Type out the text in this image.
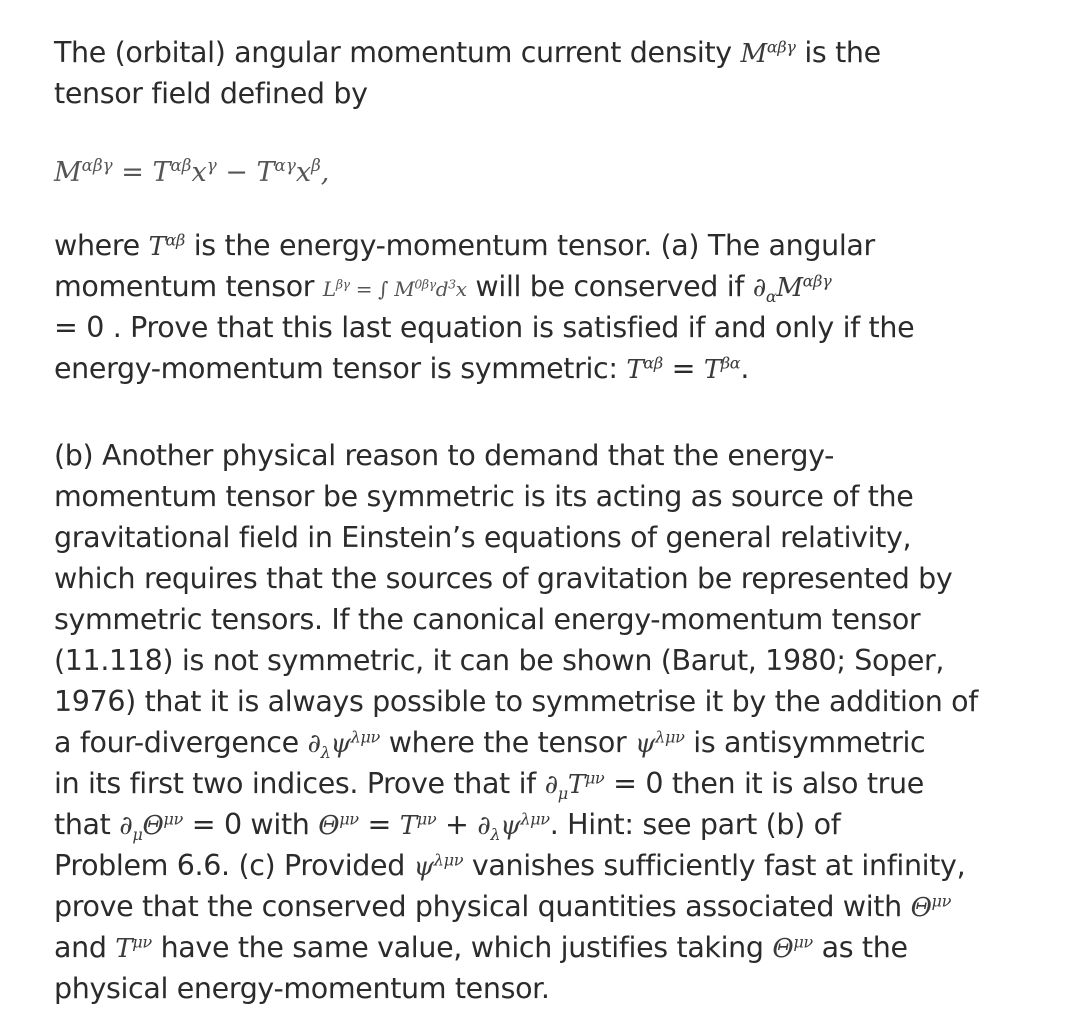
The (orbital) angular momentum current density $M^{\alpha\beta\gamma}$ is the
tensor field defined by
$M^{\alpha\beta\gamma} = T^{\alpha\beta}x^\gamma - T^{\alpha\gamma}x^\beta$,
where $T^{\alpha\beta}$ is the energy-momentum tensor. (a) The angular
momentum tensor $L^{\beta\gamma}$ = ∫ $M^{0\beta\gamma}d^3x$ will be conserved if $\partial_\alpha M^{\alpha\beta\gamma}$
= 0 . Prove that this last equation is satisfied if and only if the
energy-momentum tensor is symmetric: $T^{\alpha\beta} = T^{\beta\alpha}$.
(b) Another physical reason to demand that the energy-
momentum tensor be symmetric is its acting as source of the
gravitational field in Einstein’s equations of general relativity,
which requires that the sources of gravitation be represented by
symmetric tensors. If the canonical energy-momentum tensor
(11.118) is not symmetric, it can be shown (Barut, 1980; Soper,
1976) that it is always possible to symmetrise it by the addition of
a four-divergence $\partial_\lambda\psi^{\lambda\mu\nu}$ where the tensor $\psi^{\lambda\mu\nu}$ is antisymmetric
in its first two indices. Prove that if $\partial_\mu T^{\mu\nu} = 0$ then it is also true
that $\partial_\mu\Theta^{\mu\nu} = 0$ with $\Theta^{\mu\nu} = T^{\mu\nu} + \partial_\lambda\psi^{\lambda\mu\nu}$. Hint: see part (b) of
Problem 6.6. (c) Provided $\psi^{\lambda\mu\nu}$ vanishes sufficiently fast at infinity,
prove that the conserved physical quantities associated with $\Theta^{\mu\nu}$
and $T^{\mu\nu}$ have the same value, which justifies taking $\Theta^{\mu\nu}$ as the
physical energy-momentum tensor.
